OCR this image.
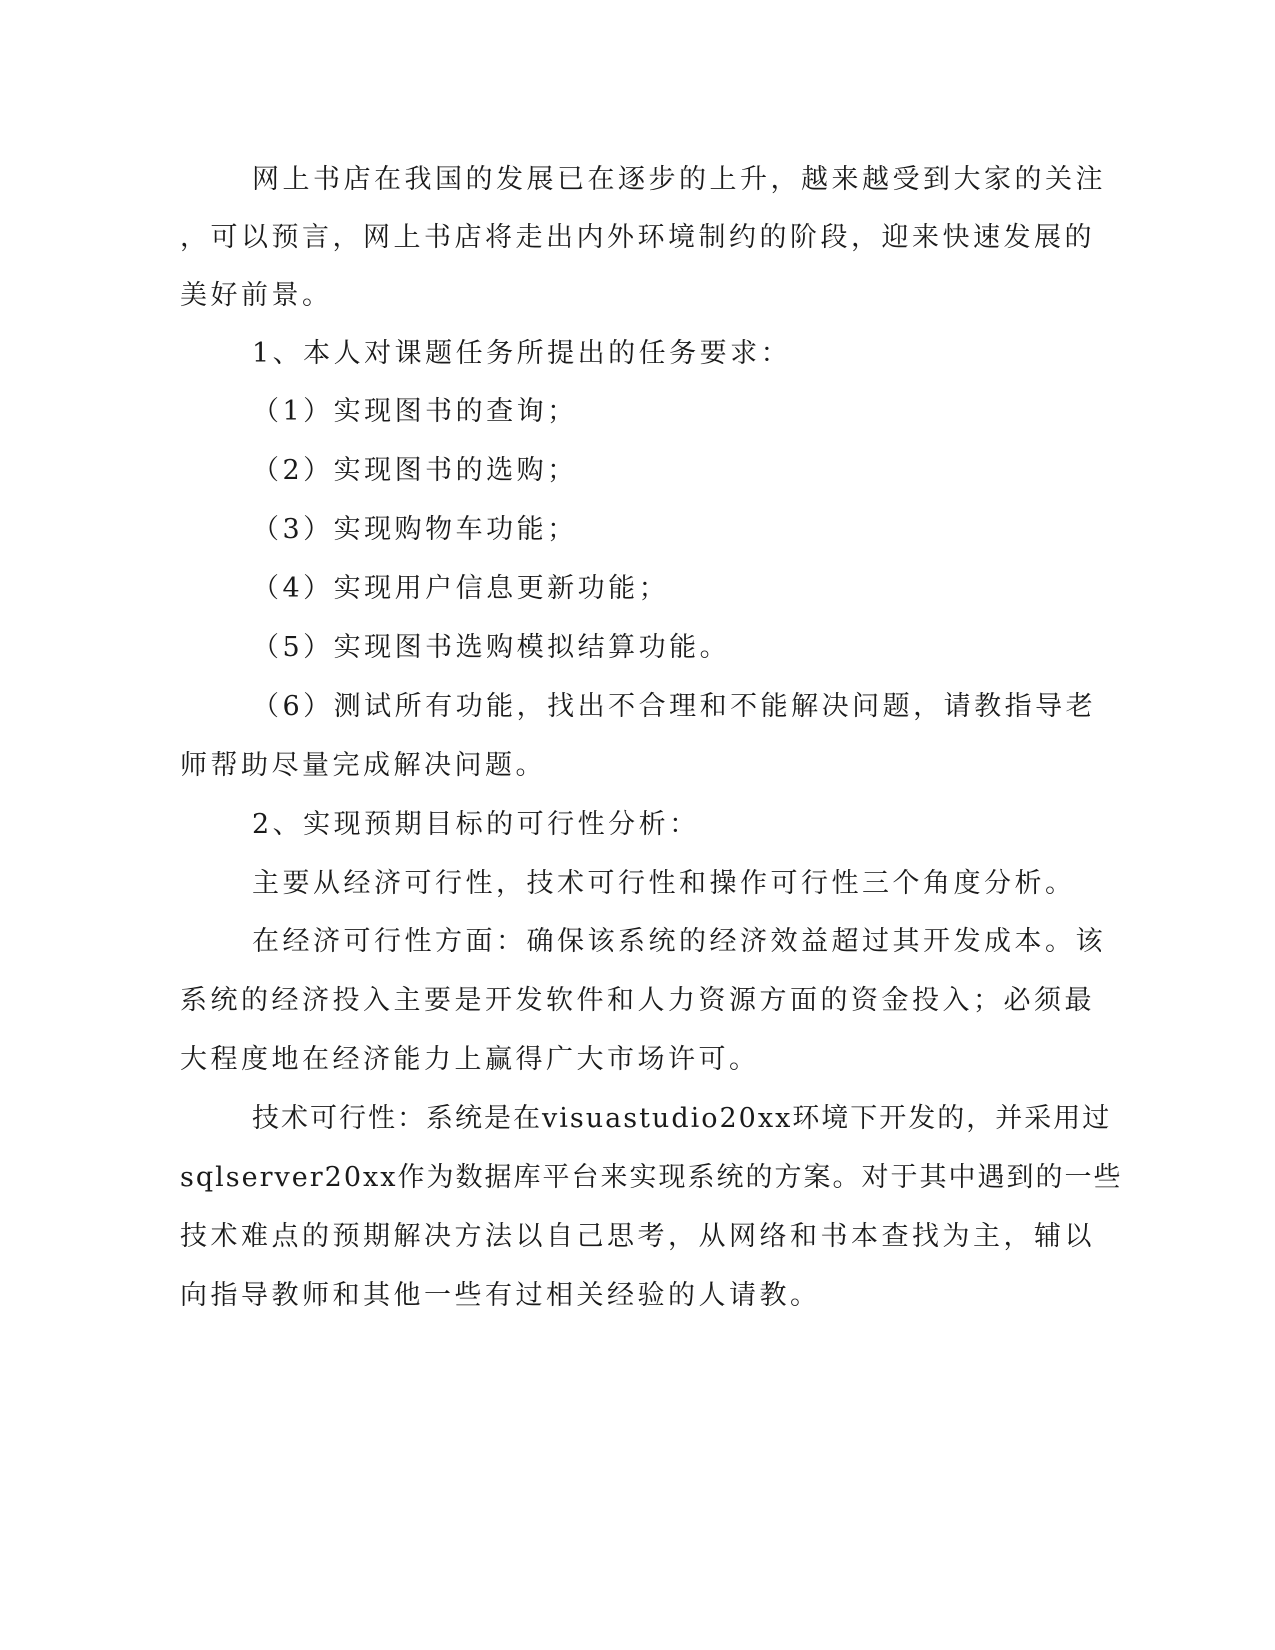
网上书店在我国的发展已在逐步的上升，越来越受到大家的关注

，可以预言，网上书店将走出内外环境制约的阶段，迎来快速发展的

美好前景。

1、本人对课题任务所提出的任务要求：

（1）实现图书的查询；

（2）实现图书的选购；

（3）实现购物车功能；

（4）实现用户信息更新功能；

（5）实现图书选购模拟结算功能。

（6）测试所有功能，找出不合理和不能解决问题，请教指导老

师帮助尽量完成解决问题。

2、实现预期目标的可行性分析：

主要从经济可行性，技术可行性和操作可行性三个角度分析。

在经济可行性方面：确保该系统的经济效益超过其开发成本。该

系统的经济投入主要是开发软件和人力资源方面的资金投入；必须最

大程度地在经济能力上赢得广大市场许可。

技术可行性：系统是在visuastudio20xx环境下开发的，并采用过

sqlserver20xx作为数据库平台来实现系统的方案。对于其中遇到的一些

技术难点的预期解决方法以自己思考，从网络和书本查找为主，辅以

向指导教师和其他一些有过相关经验的人请教。
